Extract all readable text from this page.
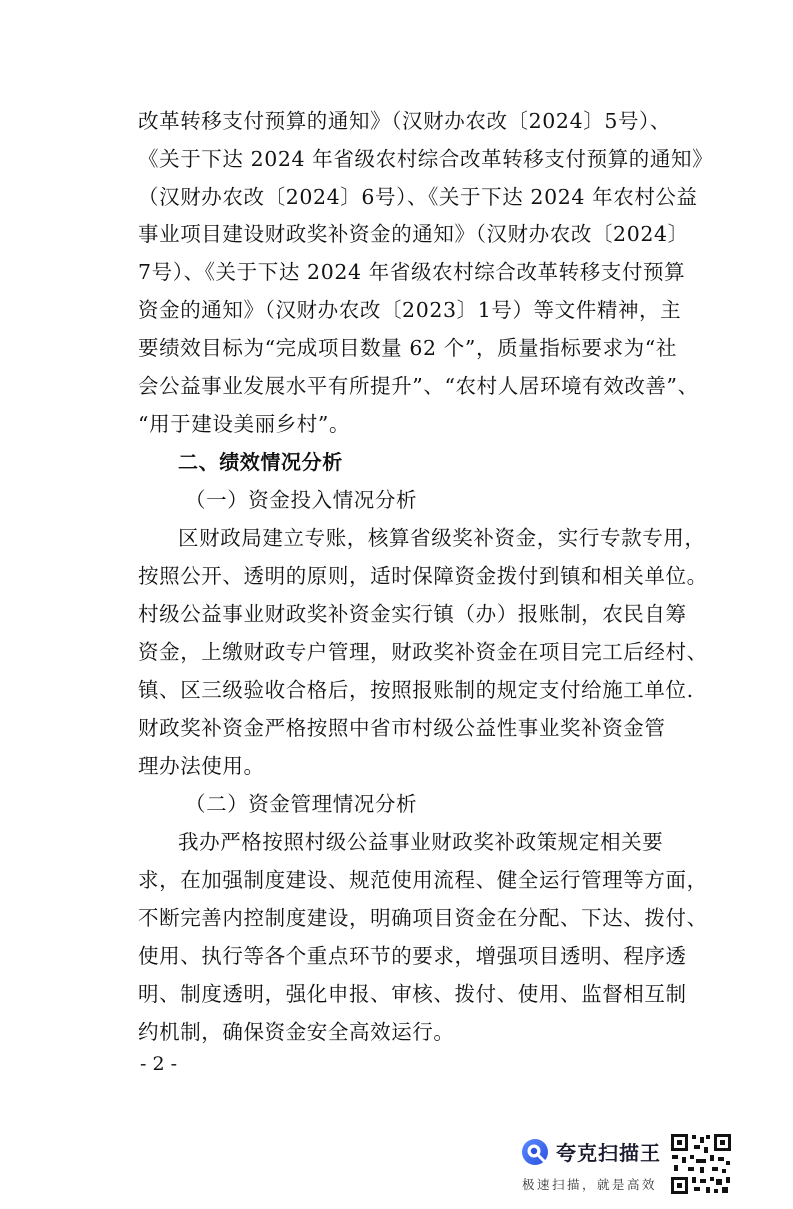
改革转移支付预算的通知》（汉财办农改〔2024〕5号）、
《关于下达 2024 年省级农村综合改革转移支付预算的通知》
（汉财办农改〔2024〕6号）、《关于下达 2024 年农村公益
事业项目建设财政奖补资金的通知》（汉财办农改〔2024〕
7号）、《关于下达 2024 年省级农村综合改革转移支付预算
资金的通知》（汉财办农改〔2023〕1号）等文件精神，主
要绩效目标为“完成项目数量 62 个”，质量指标要求为“社
会公益事业发展水平有所提升”、“农村人居环境有效改善”、
“用于建设美丽乡村”。
二、绩效情况分析
（一）资金投入情况分析
区财政局建立专账，核算省级奖补资金，实行专款专用，
按照公开、透明的原则，适时保障资金拨付到镇和相关单位。
村级公益事业财政奖补资金实行镇（办）报账制，农民自筹
资金，上缴财政专户管理，财政奖补资金在项目完工后经村、
镇、区三级验收合格后，按照报账制的规定支付给施工单位.
财政奖补资金严格按照中省市村级公益性事业奖补资金管
理办法使用。
（二）资金管理情况分析
我办严格按照村级公益事业财政奖补政策规定相关要
求，在加强制度建设、规范使用流程、健全运行管理等方面，
不断完善内控制度建设，明确项目资金在分配、下达、拨付、
使用、执行等各个重点环节的要求，增强项目透明、程序透
明、制度透明，强化申报、审核、拨付、使用、监督相互制
约机制，确保资金安全高效运行。
- 2 -
夸克扫描王
极速扫描，就是高效
